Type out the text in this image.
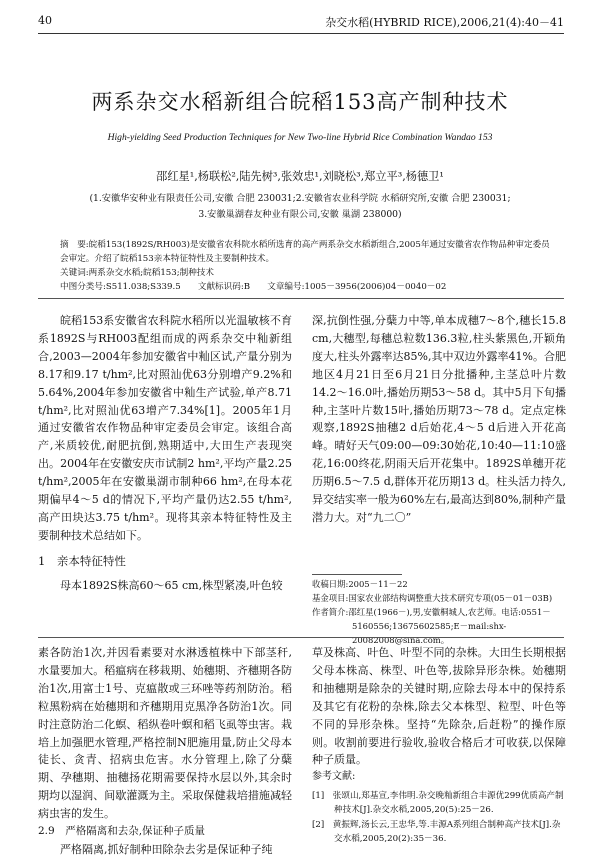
40	杂交水稻(HYBRID RICE),2006,21(4):40－41
两系杂交水稻新组合皖稻153高产制种技术
High-yielding Seed Production Techniques for New Two-line Hybrid Rice Combination Wandao 153
邵红星¹,杨联松²,陆先树³,张效忠¹,刘晓松³,郑立平³,杨德卫¹
(1.安徽华安种业有限责任公司,安徽 合肥 230031;2.安徽省农业科学院 水稻研究所,安徽 合肥 230031;
3.安徽巢湖春友种业有限公司,安徽 巢湖 238000)
摘　要:皖稻153(1892S/RH003)是安徽省农科院水稻所选育的高产两系杂交水稻新组合,2005年通过安徽省农作物品种审定委员
会审定。介绍了皖稻153亲本特征特性及主要制种技术。
关键词:两系杂交水稻;皖稻153;制种技术
中图分类号:S511.038;S339.5　　文献标识码:B　　文章编号:1005－3956(2006)04－0040－02

皖稻153系安徽省农科院水稻所以光温敏核不育系1892S与RH003配组而成的两系杂交中籼新组合,2003—2004年参加安徽省中籼区试,产量分别为8.17和9.17 t/hm²,比对照汕优63分别增产9.2%和5.64%,2004年参加安徽省中籼生产试验,单产8.71 t/hm²,比对照汕优63增产7.34%[1]。2005年1月通过安徽省农作物品种审定委员会审定。该组合高产,米质较优,耐肥抗倒,熟期适中,大田生产表现突出。2004年在安徽安庆市试制2 hm²,平均产量2.25 t/hm²,2005年在安徽巢湖市制种66 hm²,在母本花期偏早4～5 d的情况下,平均产量仍达2.55 t/hm²,高产田块达3.75 t/hm²。现将其亲本特征特性及主要制种技术总结如下。

1　亲本特征特性

母本1892S株高60～65 cm,株型紧凑,叶色较

深,抗倒性强,分蘖力中等,单本成穗7～8个,穗长15.8 cm,大穗型,每穗总粒数136.3粒,柱头紫黑色,开颖角度大,柱头外露率达85%,其中双边外露率41%。合肥地区4月21日至6月21日分批播种,主茎总叶片数14.2～16.0叶,播始历期53～58 d。其中5月下旬播种,主茎叶片数15叶,播始历期73～78 d。定点定株观察,1892S抽穗2 d后始花,4～5 d后进入开花高峰。晴好天气09:00—09:30始花,10:40—11:10盛花,16:00终花,阴雨天后开花集中。1892S单穗开花历期6.5～7.5 d,群体开花历期13 d。柱头活力持久,异交结实率一般为60%左右,最高达到80%,制种产量潜力大。对“九二〇”
收稿日期:2005－11－22
基金项目:国家农业部结构调整重大技术研究专项(05－01－03B)
作者简介:邵红星(1966－),男,安徽桐城人,农艺师。电话:0551－
5160556;13675602585;E－mail:shx-20082008@sina.com。
素各防治1次,并因看素要对水淋透植株中下部茎秆,水量要加大。稻瘟病在移栽期、始穗期、齐穗期各防治1次,用富士1号、克瘟散或三环唑等药剂防治。稻粒黑粉病在始穗期和齐穗期用克黑净各防治1次。同时注意防治二化螟、稻纵卷叶螟和稻飞虱等虫害。栽培上加强肥水管理,严格控制N肥施用量,防止父母本徒长、贪青、招病虫危害。水分管理上,除了分蘖期、孕穗期、抽穗扬花期需要保持水层以外,其余时期均以湿润、间歇灌溉为主。采取保健栽培措施减轻病虫害的发生。
2.9　严格隔离和去杂,保证种子质量

严格隔离,抓好制种田除杂去劣是保证种子纯

草及株高、叶色、叶型不同的杂株。大田生长期根据父母本株高、株型、叶色等,拔除异形杂株。始穗期和抽穗期是除杂的关键时期,应除去母本中的保持系及其它有花粉的杂株,除去父本株型、粒型、叶色等不同的异形杂株。坚持“先除杂,后赶粉”的操作原则。收割前要进行验收,验收合格后才可收获,以保障种子质量。
参考文献:
[1]　张颂山,郑基宣,李伟明.杂交晚籼新组合丰源优299优质高产制种技术[J].杂交水稻,2005,20(5):25－26.
[2]　黄振辉,汤长云,王忠华,等.丰源A系列组合制种高产技术[J].杂交水稻,2005,20(2):35－36.
